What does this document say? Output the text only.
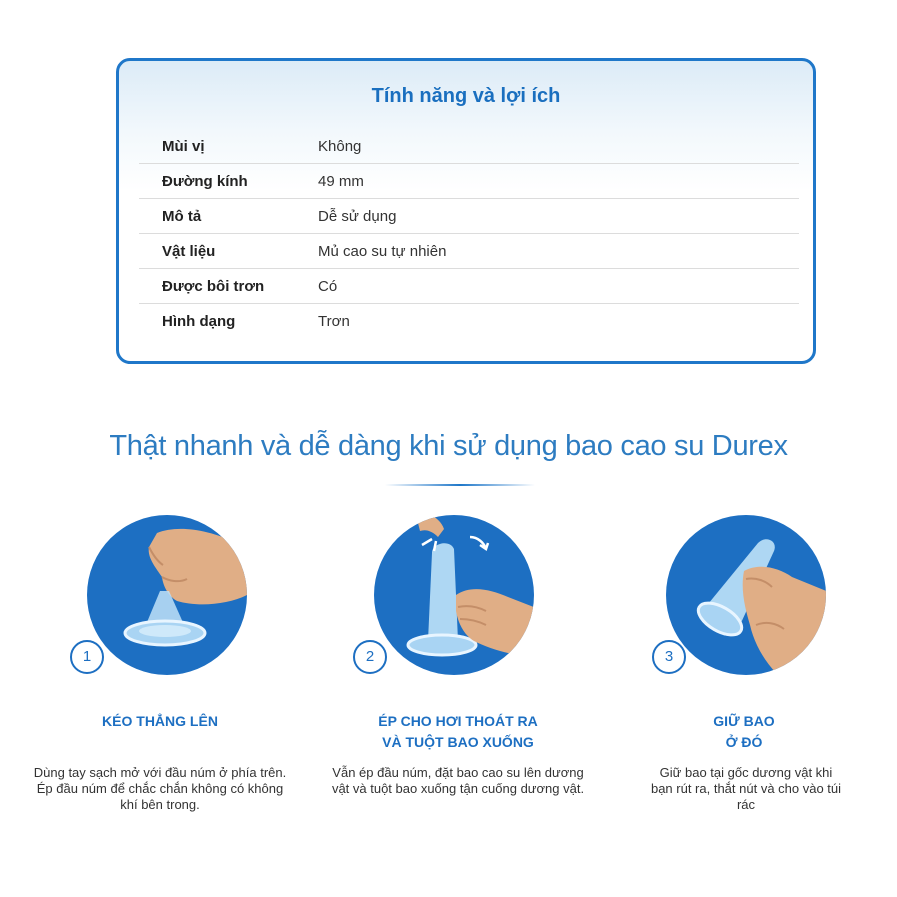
Tính năng và lợi ích
Mùi vị	Không
Đường kính	49 mm
Mô tả	Dễ sử dụng
Vật liệu	Mủ cao su tự nhiên
Được bôi trơn	Có
Hình dạng	Trơn
Thật nhanh và dễ dàng khi sử dụng bao cao su Durex
1
KÉO THẲNG LÊN
Dùng tay sạch mở với đầu núm ở phía trên. Ép đầu núm để chắc chắn không có không khí bên trong.
2
ÉP CHO HƠI THOÁT RA
VÀ TUỘT BAO XUỐNG
Vẫn ép đầu núm, đặt bao cao su lên dương vật và tuột bao xuống tận cuống dương vật.
3
GIỮ BAO
Ở ĐÓ
Giữ bao tại gốc dương vật khi bạn rút ra, thắt nút và cho vào túi rác
